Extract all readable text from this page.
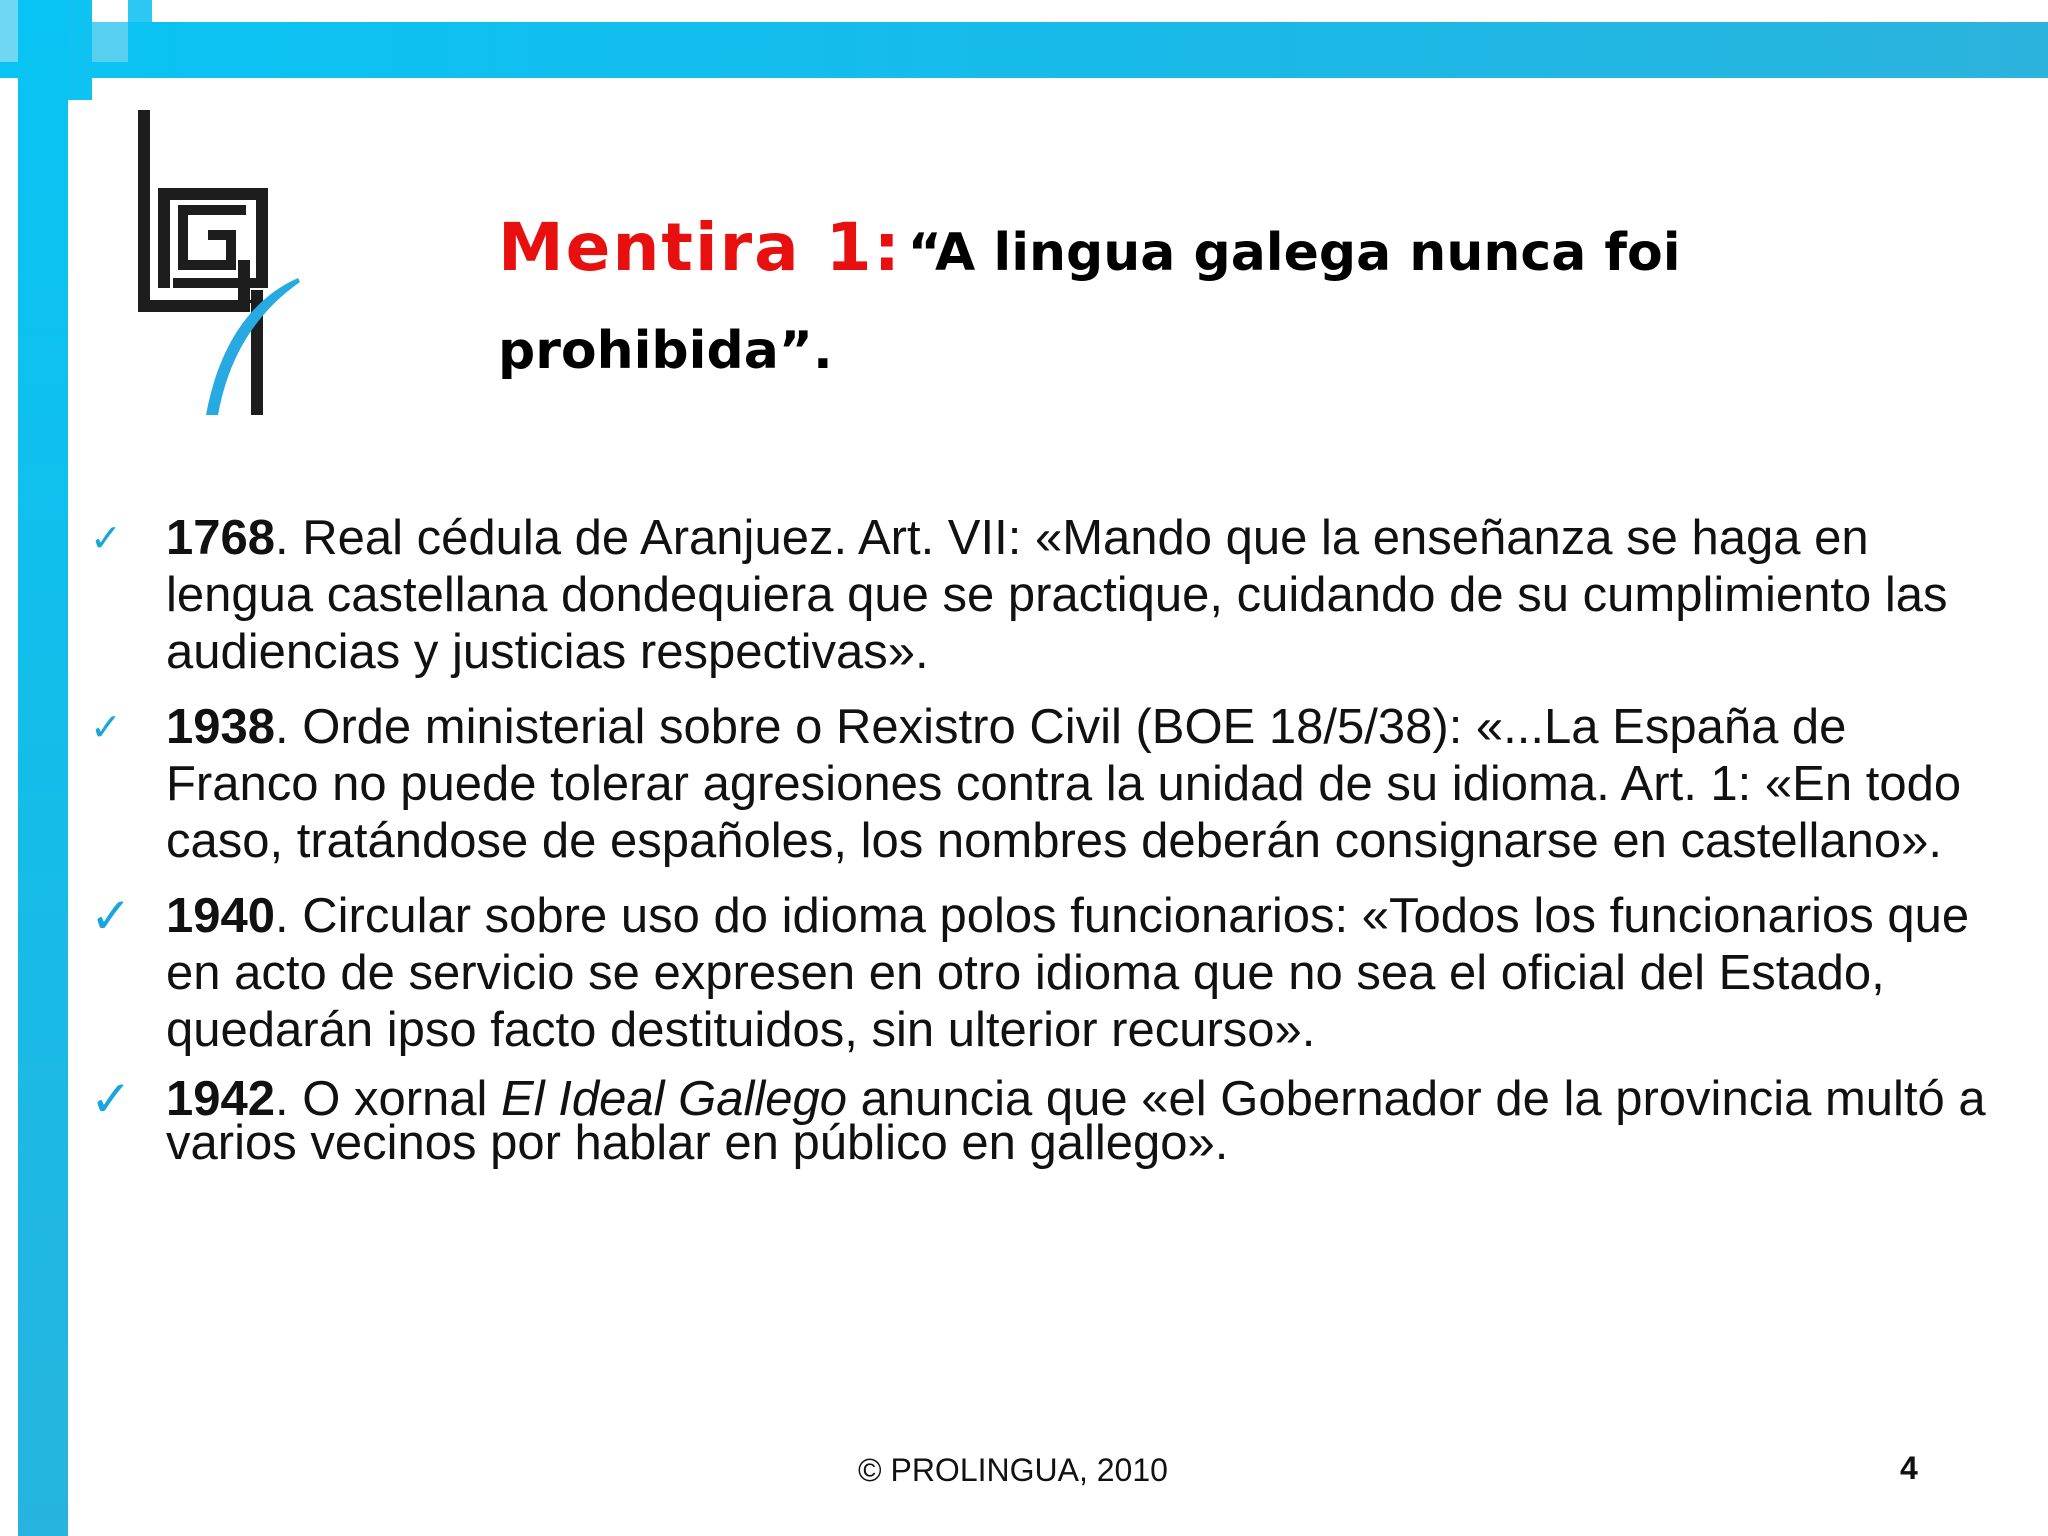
Mentira 1: “A lingua galega nunca foi prohibida”.
✓ 1768. Real cédula de Aranjuez. Art. VII: «Mando que la enseñanza se haga en lengua castellana dondequiera que se practique, cuidando de su cumplimiento las audiencias y justicias respectivas».
✓ 1938. Orde ministerial sobre o Rexistro Civil (BOE 18/5/38): «...La España de Franco no puede tolerar agresiones contra la unidad de su idioma. Art. 1: «En todo caso, tratándose de españoles, los nombres deberán consignarse en castellano».
✓ 1940. Circular sobre uso do idioma polos funcionarios: «Todos los funcionarios que en acto de servicio se expresen en otro idioma que no sea el oficial del Estado, quedarán ipso facto destituidos, sin ulterior recurso».
✓ 1942. O xornal El Ideal Gallego anuncia que «el Gobernador de la provincia multó a varios vecinos por hablar en público en gallego».
© PROLINGUA, 2010	4
